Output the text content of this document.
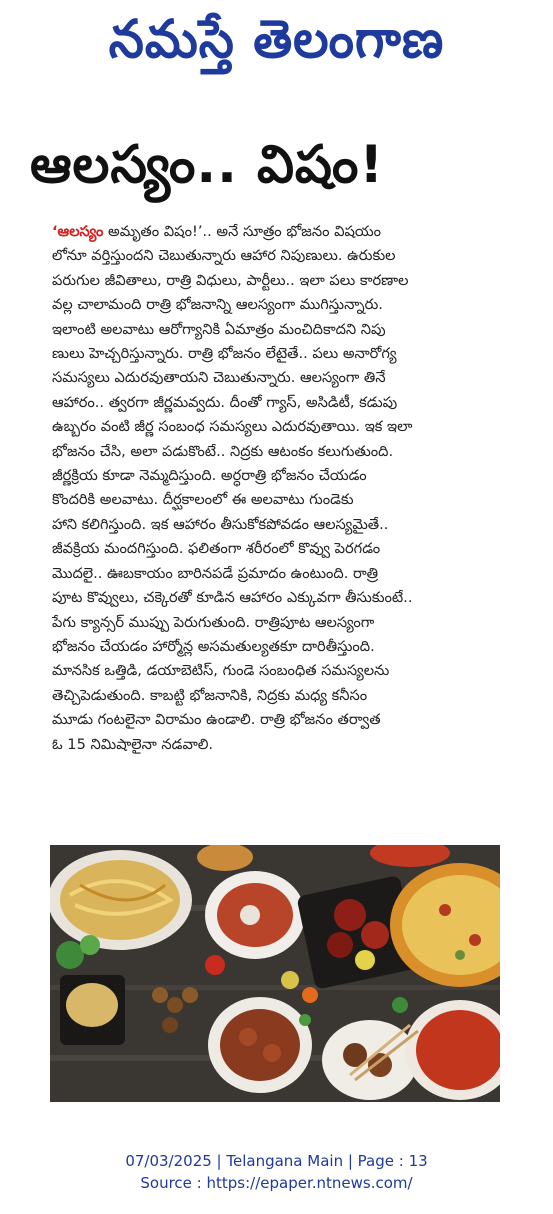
నమస్తే తెలంగాణ
ఆలస్యం.. విషం!
‘ఆలస్యం అమృతం విషం!’.. అనే సూత్రం భోజనం విషయం
లోనూ వర్తిస్తుందని చెబుతున్నారు ఆహార నిపుణులు. ఉరుకుల
పరుగుల జీవితాలు, రాత్రి విధులు, పార్టీలు.. ఇలా పలు కారణాల
వల్ల చాలామంది రాత్రి భోజనాన్ని ఆలస్యంగా ముగిస్తున్నారు.
ఇలాంటి అలవాటు ఆరోగ్యానికి ఏమాత్రం మంచిదికాదని నిపు
ణులు హెచ్చరిస్తున్నారు. రాత్రి భోజనం లేటైతే.. పలు అనారోగ్య
సమస్యలు ఎదురవుతాయని చెబుతున్నారు. ఆలస్యంగా తినే
ఆహారం.. త్వరగా జీర్ణమవ్వదు. దీంతో గ్యాస్, అసిడిటీ, కడుపు
ఉబ్బరం వంటి జీర్ణ సంబంధ సమస్యలు ఎదురవుతాయి. ఇక ఇలా
భోజనం చేసి, అలా పడుకొంటే.. నిద్రకు ఆటంకం కలుగుతుంది.
జీర్ణక్రియ కూడా నెమ్మదిస్తుంది. అర్ధరాత్రి భోజనం చేయడం
కొందరికి అలవాటు. దీర్ఘకాలంలో ఈ అలవాటు గుండెకు
హాని కలిగిస్తుంది. ఇక ఆహారం తీసుకోకపోవడం ఆలస్యమైతే..
జీవక్రియ మందగిస్తుంది. ఫలితంగా శరీరంలో కొవ్వు పెరగడం
మొదలై.. ఊబకాయం బారినపడే ప్రమాదం ఉంటుంది. రాత్రి
పూట కొవ్వులు, చక్కెరతో కూడిన ఆహారం ఎక్కువగా తీసుకుంటే..
పేగు క్యాన్సర్ ముప్పు పెరుగుతుంది. రాత్రిపూట ఆలస్యంగా
భోజనం చేయడం హార్మోన్ల అసమతుల్యతకూ దారితీస్తుంది.
మానసిక ఒత్తిడి, డయాబెటిస్, గుండె సంబంధిత సమస్యలను
తెచ్చిపెడుతుంది. కాబట్టి భోజనానికి, నిద్రకు మధ్య కనీసం
మూడు గంటలైనా విరామం ఉండాలి. రాత్రి భోజనం తర్వాత
ఓ 15 నిమిషాలైనా నడవాలి.
07/03/2025 | Telangana Main | Page : 13
Source : https://epaper.ntnews.com/
